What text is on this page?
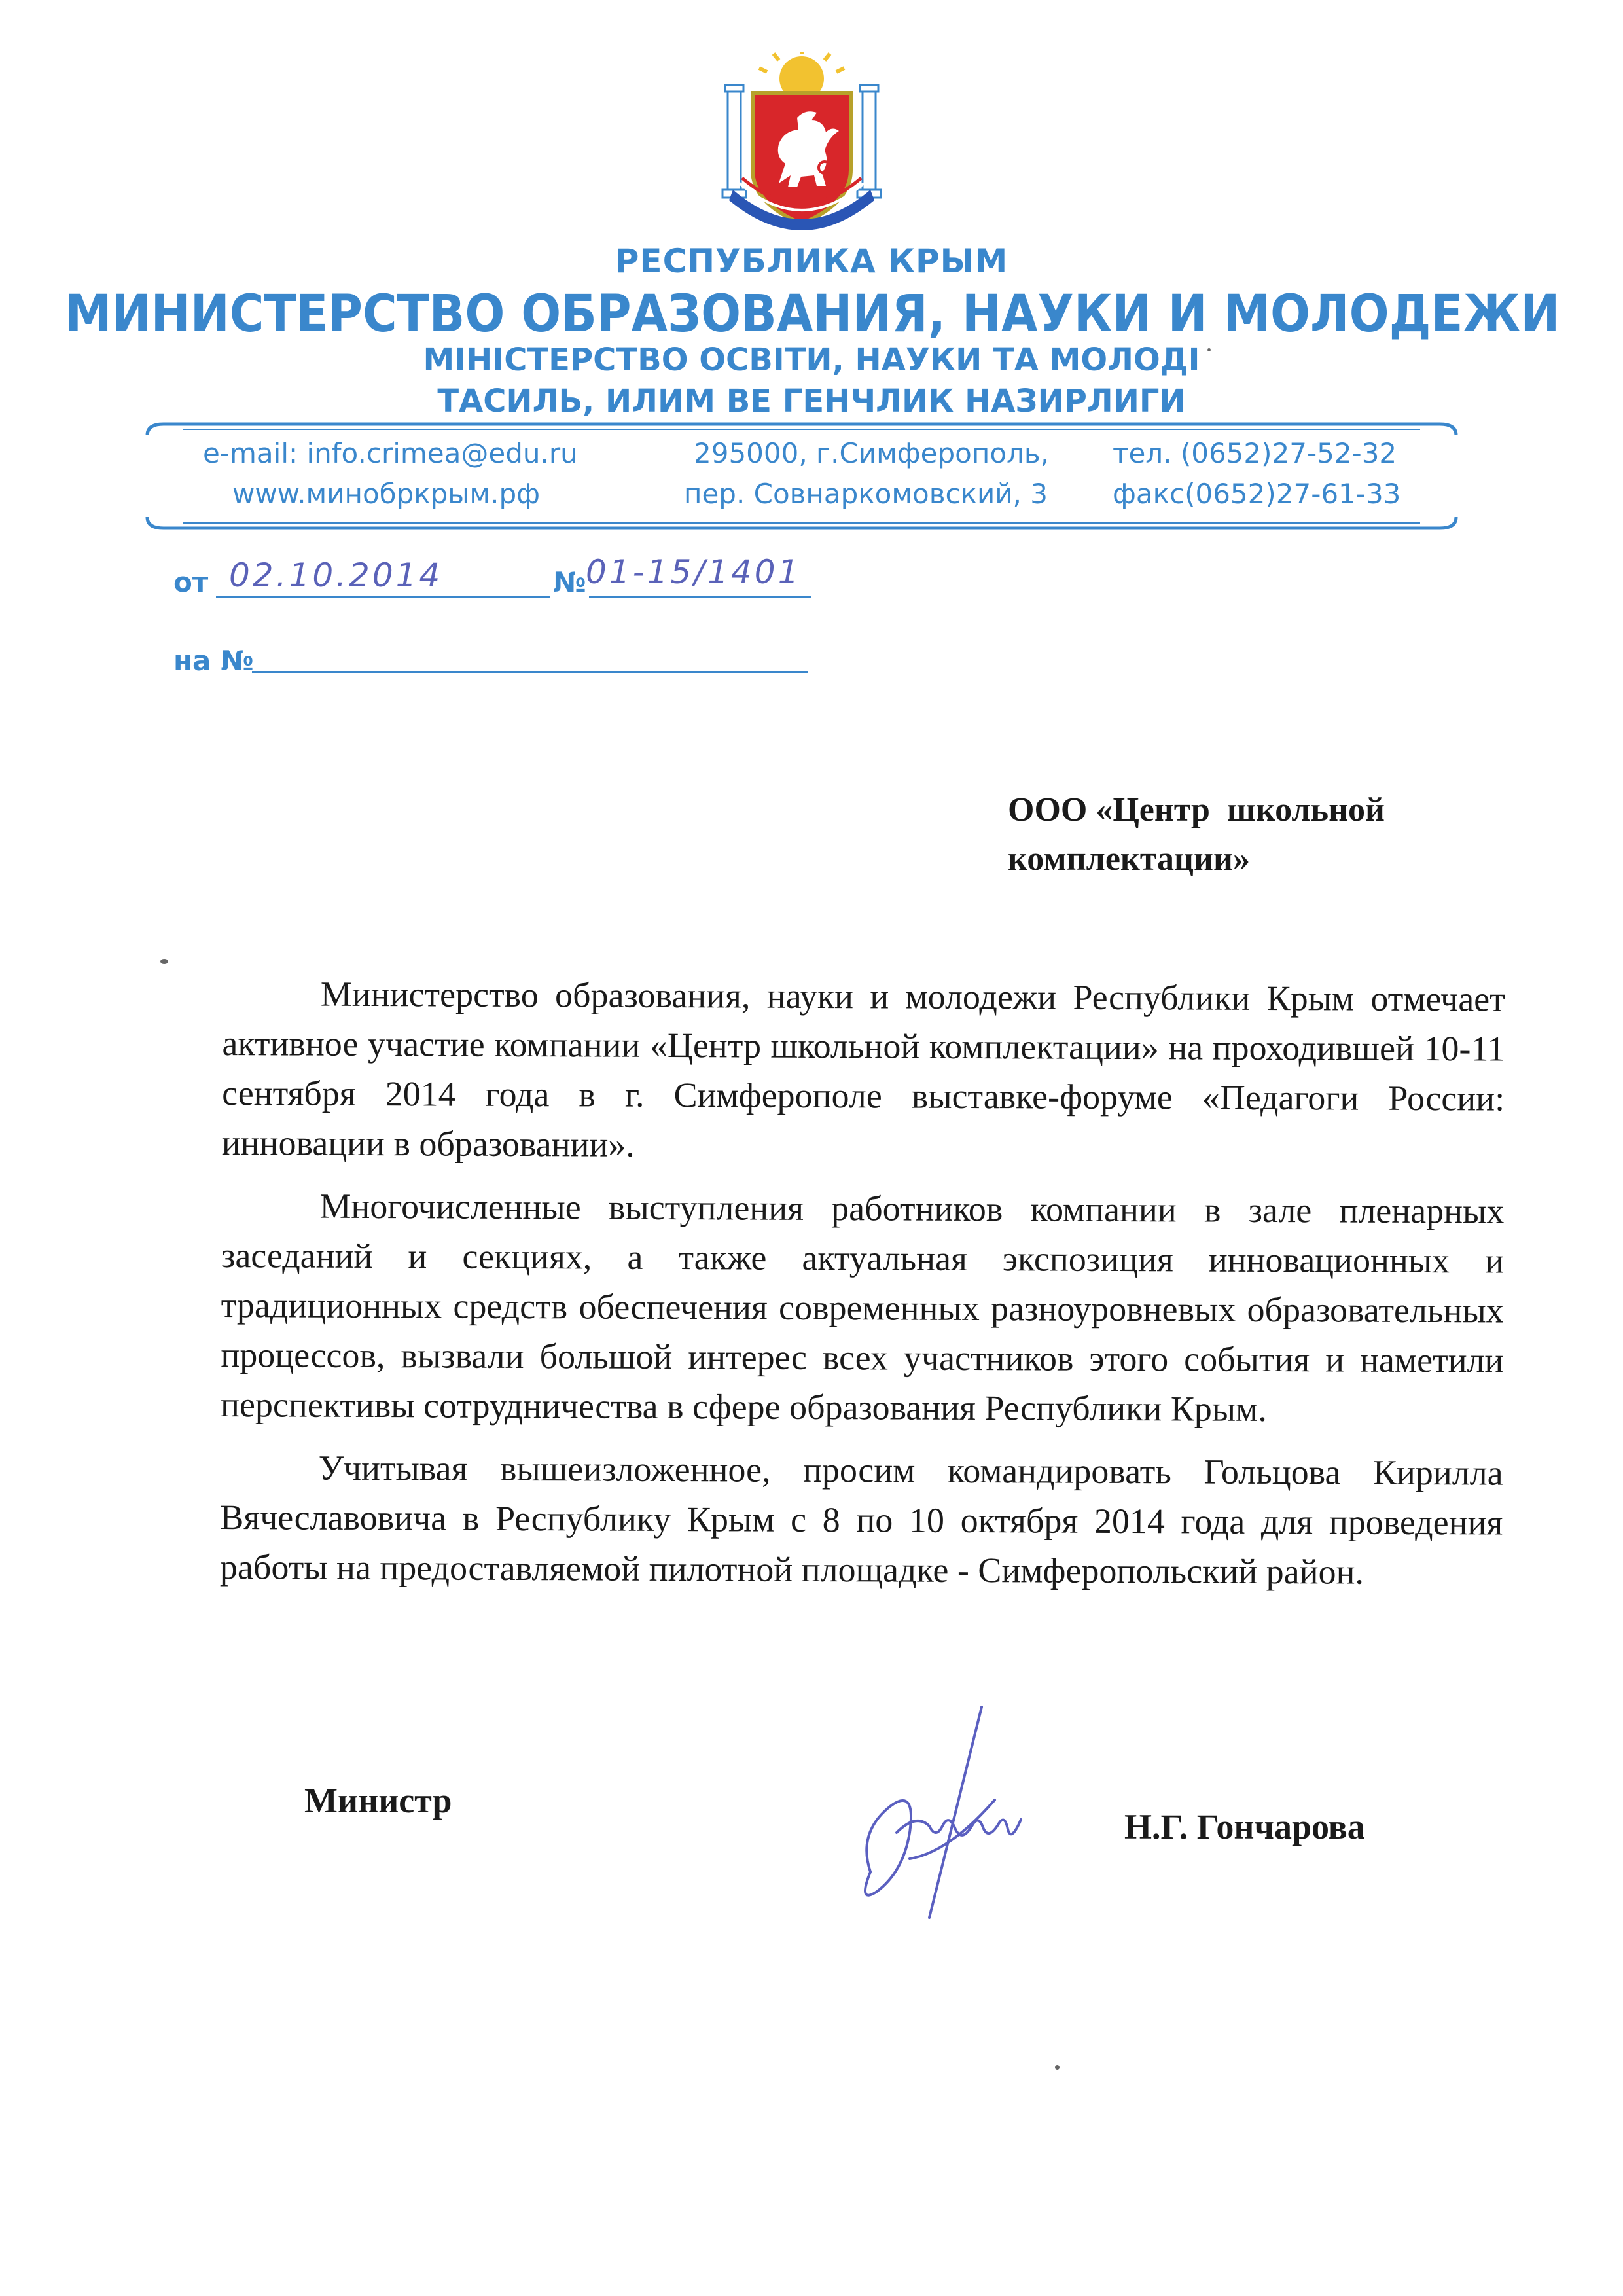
РЕСПУБЛИКА КРЫМ
МИНИСТЕРСТВО ОБРАЗОВАНИЯ, НАУКИ И МОЛОДЕЖИ
МІНІСТЕРСТВО ОСВІТИ, НАУКИ ТА МОЛОДІ
ТАСИЛЬ, ИЛИМ ВЕ ГЕНЧЛИК НАЗИРЛИГИ
e-mail: info.crimea@edu.ru
www.минобркрым.рф
295000, г.Симферополь,
пер. Совнаркомовский, 3
тел. (0652)27-52-32
факс(0652)27-61-33
от 02.10.2014	№ 01-15/1401
на №
ООО «Центр  школьной
комплектации»

Министерство образования, науки и молодежи Республики Крым отмечает активное участие компании «Центр школьной комплектации» на проходившей 10-11 сентября 2014 года в г. Симферополе выставке-форуме «Педагоги России: инновации в образовании».

Многочисленные выступления работников компании в зале пленарных заседаний и секциях, а также актуальная экспозиция инновационных и традиционных средств обеспечения современных разноуровневых образовательных процессов, вызвали большой интерес всех участников этого события и наметили перспективы сотрудничества в сфере образования Республики Крым.

Учитывая вышеизложенное, просим командировать Гольцова Кирилла Вячеславовича в Республику Крым с 8 по 10 октября 2014 года для проведения работы на предоставляемой пилотной площадке - Симферопольский район.

Министр
Н.Г. Гончарова
